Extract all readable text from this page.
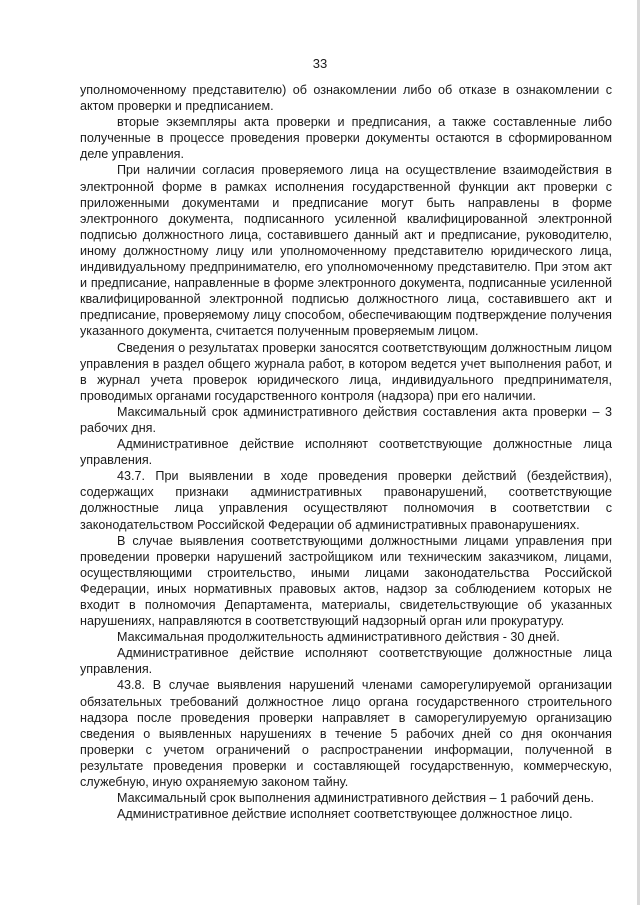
33

уполномоченному представителю) об ознакомлении либо об отказе в ознакомлении с актом проверки и предписанием.

вторые экземпляры акта проверки и предписания, а также составленные либо полученные в процессе проведения проверки документы остаются в сформированном деле управления.

При наличии согласия проверяемого лица на осуществление взаимодействия в электронной форме в рамках исполнения государственной функции акт проверки с приложенными документами и предписание могут быть направлены в форме электронного документа, подписанного усиленной квалифицированной электронной подписью должностного лица, составившего данный акт и предписание, руководителю, иному должностному лицу или уполномоченному представителю юридического лица, индивидуальному предпринимателю, его уполномоченному представителю. При этом акт и предписание, направленные в форме электронного документа, подписанные усиленной квалифицированной электронной подписью должностного лица, составившего акт и предписание, проверяемому лицу способом, обеспечивающим подтверждение получения указанного документа, считается полученным проверяемым лицом.

Сведения о результатах проверки заносятся соответствующим должностным лицом управления в раздел общего журнала работ, в котором ведется учет выполнения работ, и в журнал учета проверок юридического лица, индивидуального предпринимателя, проводимых органами государственного контроля (надзора) при его наличии.

Максимальный срок административного действия составления акта проверки – 3 рабочих дня.

Административное действие исполняют соответствующие должностные лица управления.

43.7. При выявлении в ходе проведения проверки действий (бездействия), содержащих признаки административных правонарушений, соответствующие должностные лица управления осуществляют полномочия в соответствии с законодательством Российской Федерации об административных правонарушениях.

В случае выявления соответствующими должностными лицами управления при проведении проверки нарушений застройщиком или техническим заказчиком, лицами, осуществляющими строительство, иными лицами законодательства Российской Федерации, иных нормативных правовых актов, надзор за соблюдением которых не входит в полномочия Департамента, материалы, свидетельствующие об указанных нарушениях, направляются в соответствующий надзорный орган или прокуратуру.

Максимальная продолжительность административного действия - 30 дней.

Административное действие исполняют соответствующие должностные лица управления.

43.8. В случае выявления нарушений членами саморегулируемой организации обязательных требований должностное лицо органа государственного строительного надзора после проведения проверки направляет в саморегулируемую организацию сведения о выявленных нарушениях в течение 5 рабочих дней со дня окончания проверки с учетом ограничений о распространении информации, полученной в результате проведения проверки и составляющей государственную, коммерческую, служебную, иную охраняемую законом тайну.

Максимальный срок выполнения административного действия – 1 рабочий день.

Административное действие исполняет соответствующее должностное лицо.
